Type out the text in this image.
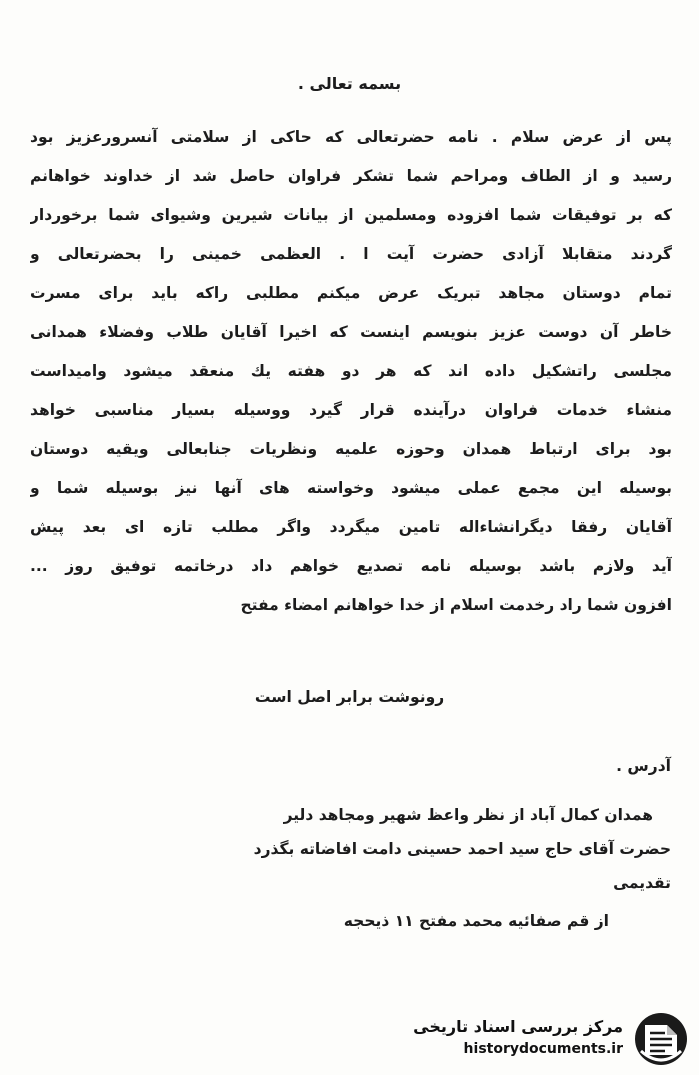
بسمه تعالی .
پس از عرض سلام . نامه حضرتعالی که حاکی از سلامتی آنسرورعزیز بود
رسید و از الطاف ومراحم شما تشکر فراوان حاصل شد از خداوند خواهانم
که بر توفیقات شما افزوده ومسلمین از بیانات شیرین وشیوای شما برخوردار
گردند متقابلا آزادی حضرت آیت ا . العظمی خمینی را بحضرتعالی و
تمام دوستان مجاهد تبریک عرض میکنم مطلبی راکه باید برای مسرت
خاطر آن دوست عزیز بنویسم اینست که اخیرا آقایان طلاب وفضلاء همدانی
مجلسی راتشکیل داده اند که هر دو هفته یك منعقد میشود وامیداست
منشاء خدمات فراوان درآینده قرار گیرد ووسیله بسیار مناسبی خواهد
بود برای ارتباط همدان وحوزه علمیه ونظریات جنابعالی ویقیه دوستان
بوسیله این مجمع عملی میشود وخواسته های آنها نیز بوسیله شما و
آقایان رفقا دیگرانشاءاله تامین میگردد واگر مطلب تازه ای بعد پیش
آید ولازم باشد بوسیله نامه تصدیع خواهم داد درخاتمه توفیق روز ...
افزون شما راد رخدمت اسلام از خدا خواهانم امضاء مفتح
رونوشت برابر اصل است
آدرس .
همدان کمال آباد از نظر واعظ شهیر ومجاهد دلیر
حضرت آقای حاج سید احمد حسینی دامت افاضاته بگذرد
تقدیمی
از قم صفائیه محمد مفتح ۱۱ ذیحجه
مرکز بررسی اسناد تاریخی
historydocuments.ir
